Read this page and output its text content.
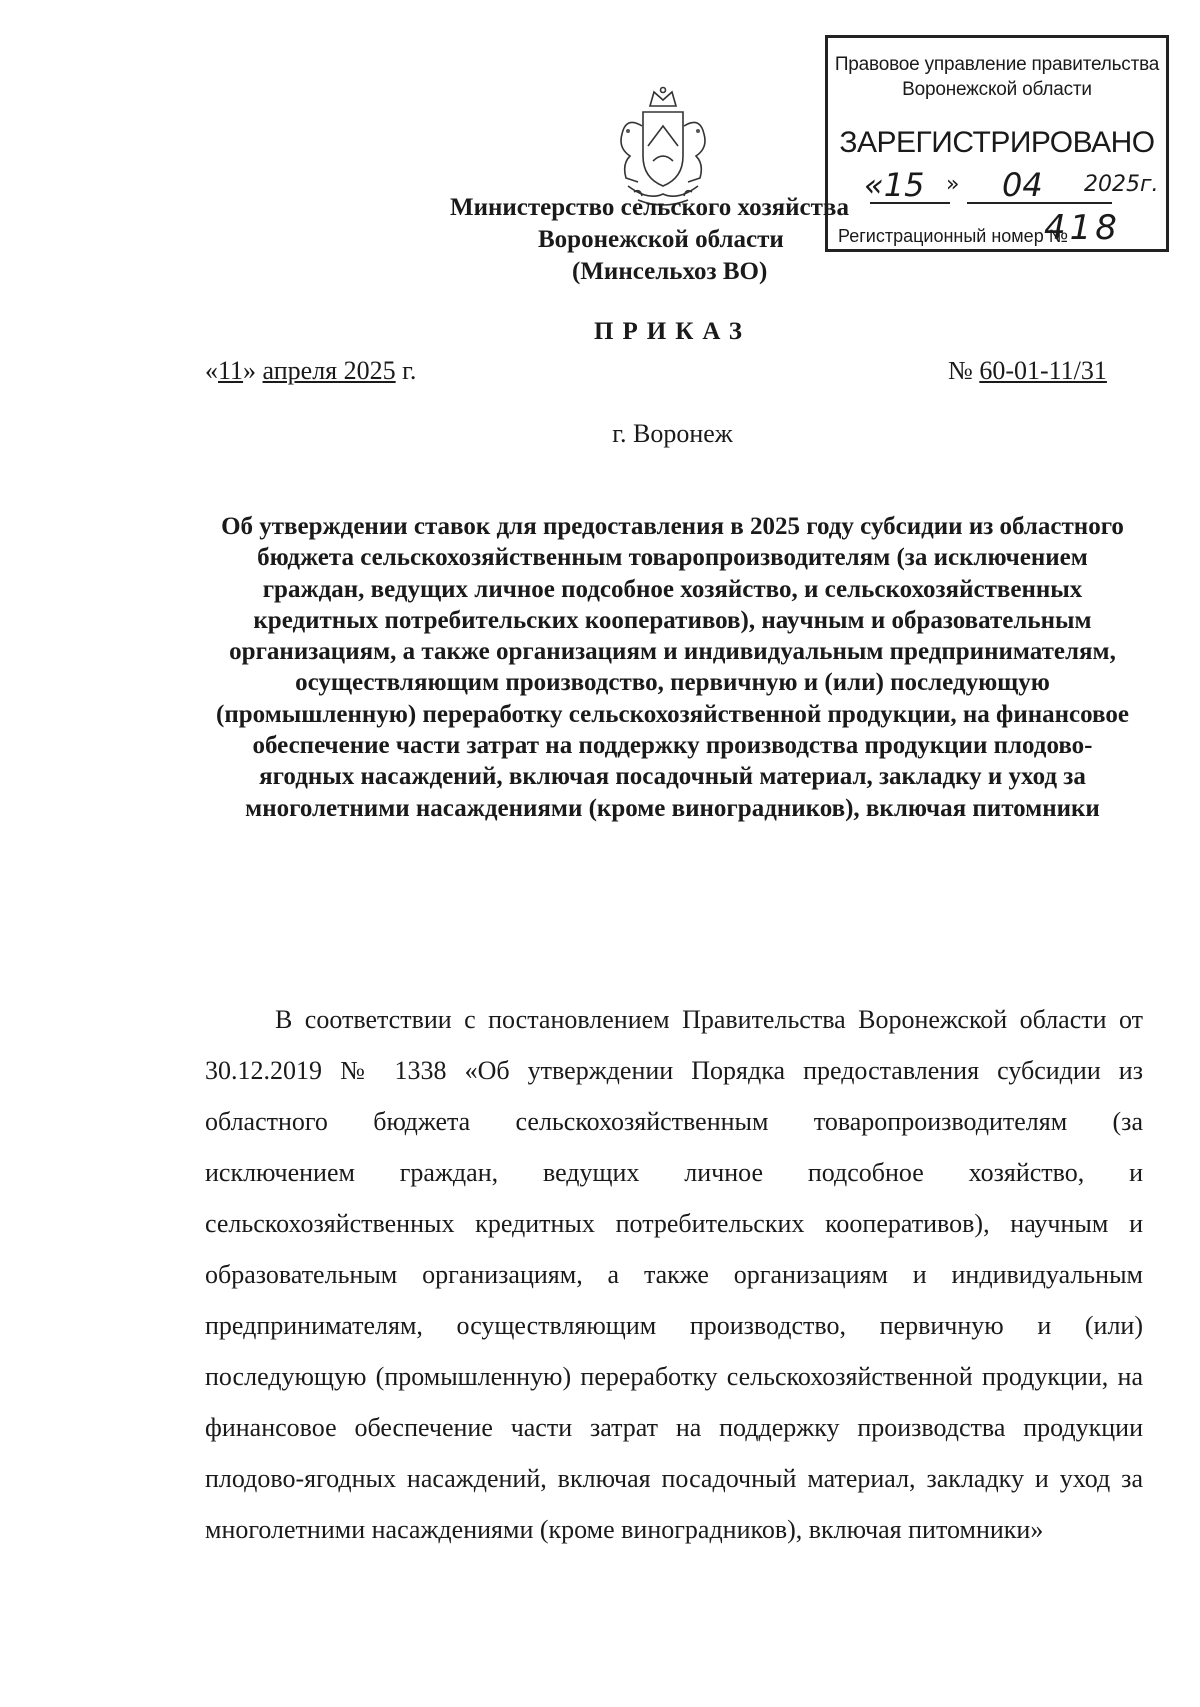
Правовое управление правительства
Воронежской области
ЗАРЕГИСТРИРОВАНО
«15 » 04 2025г.
Регистрационный номер №
418
Министерство сельского хозяйства
Воронежской области
(Минсельхоз ВО)
ПРИКАЗ
«11» апреля 2025 г.	№ 60-01-11/31
г. Воронеж
Об утверждении ставок для предоставления в 2025 году субсидии из областного бюджета сельскохозяйственным товаропроизводителям (за исключением граждан, ведущих личное подсобное хозяйство, и сельскохозяйственных кредитных потребительских кооперативов), научным и образовательным организациям, а также организациям и индивидуальным предпринимателям, осуществляющим производство, первичную и (или) последующую (промышленную) переработку сельскохозяйственной продукции, на финансовое обеспечение части затрат на поддержку производства продукции плодово-ягодных насаждений, включая посадочный материал, закладку и уход за многолетними насаждениями (кроме виноградников), включая питомники
В соответствии с постановлением Правительства Воронежской области от 30.12.2019 № 1338 «Об утверждении Порядка предоставления субсидии из областного бюджета сельскохозяйственным товаропроизводителям (за исключением граждан, ведущих личное подсобное хозяйство, и сельскохозяйственных кредитных потребительских кооперативов), научным и образовательным организациям, а также организациям и индивидуальным предпринимателям, осуществляющим производство, первичную и (или) последующую (промышленную) переработку сельскохозяйственной продукции, на финансовое обеспечение части затрат на поддержку производства продукции плодово-ягодных насаждений, включая посадочный материал, закладку и уход за многолетними насаждениями (кроме виноградников), включая питомники»
